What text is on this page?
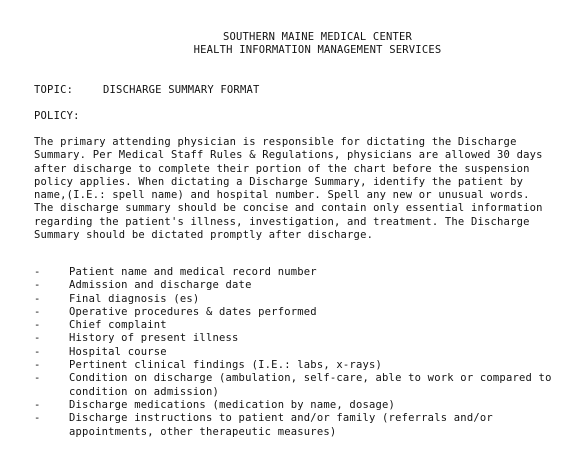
SOUTHERN MAINE MEDICAL CENTER
HEALTH INFORMATION MANAGEMENT SERVICES
TOPIC:	DISCHARGE SUMMARY FORMAT
POLICY:
The primary attending physician is responsible for dictating the Discharge Summary. Per Medical Staff Rules & Regulations, physicians are allowed 30 days after discharge to complete their portion of the chart before the suspension policy applies. When dictating a Discharge Summary, identify the patient by name,(I.E.: spell name) and hospital number. Spell any new or unusual words. The discharge summary should be concise and contain only essential information regarding the patient's illness, investigation, and treatment. The Discharge Summary should be dictated promptly after discharge.
-	Patient name and medical record number
-	Admission and discharge date
-	Final diagnosis (es)
-	Operative procedures & dates performed
-	Chief complaint
-	History of present illness
-	Hospital course
-	Pertinent clinical findings (I.E.: labs, x-rays)
-	Condition on discharge (ambulation, self-care, able to work or compared to condition on admission)
-	Discharge medications (medication by name, dosage)
-	Discharge instructions to patient and/or family (referrals and/or appointments, other therapeutic measures)
